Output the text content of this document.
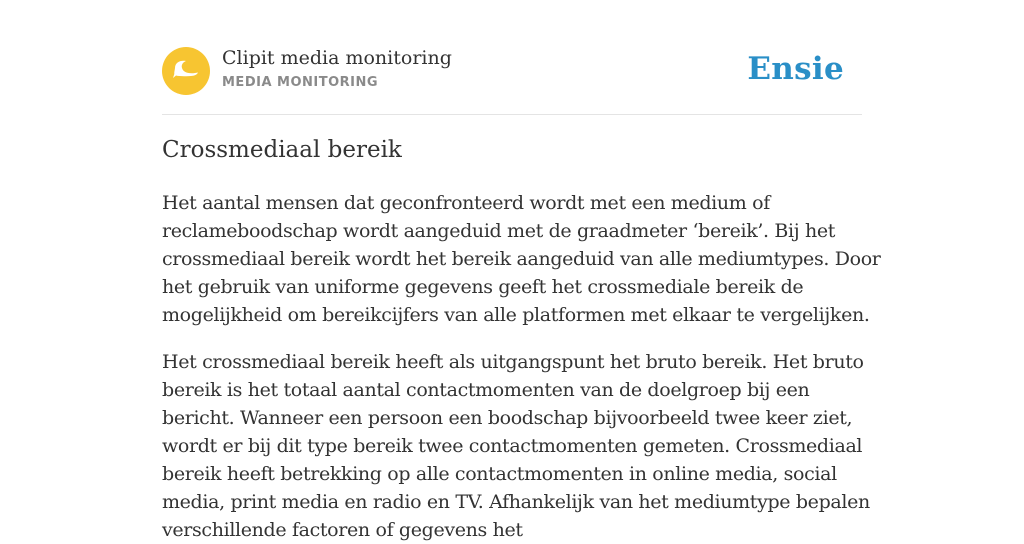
Clipit media monitoring
MEDIA MONITORING	Ensie
Crossmediaal bereik

Het aantal mensen dat geconfronteerd wordt met een medium of reclameboodschap wordt aangeduid met de graadmeter ‘bereik’. Bij het crossmediaal bereik wordt het bereik aangeduid van alle mediumtypes. Door het gebruik van uniforme gegevens geeft het crossmediale bereik de mogelijkheid om bereikcijfers van alle platformen met elkaar te vergelijken.

Het crossmediaal bereik heeft als uitgangspunt het bruto bereik. Het bruto bereik is het totaal aantal contactmomenten van de doelgroep bij een bericht. Wanneer een persoon een boodschap bijvoorbeeld twee keer ziet, wordt er bij dit type bereik twee contactmomenten gemeten. Crossmediaal bereik heeft betrekking op alle contactmomenten in online media, social media, print media en radio en TV. Afhankelijk van het mediumtype bepalen verschillende factoren of gegevens het
